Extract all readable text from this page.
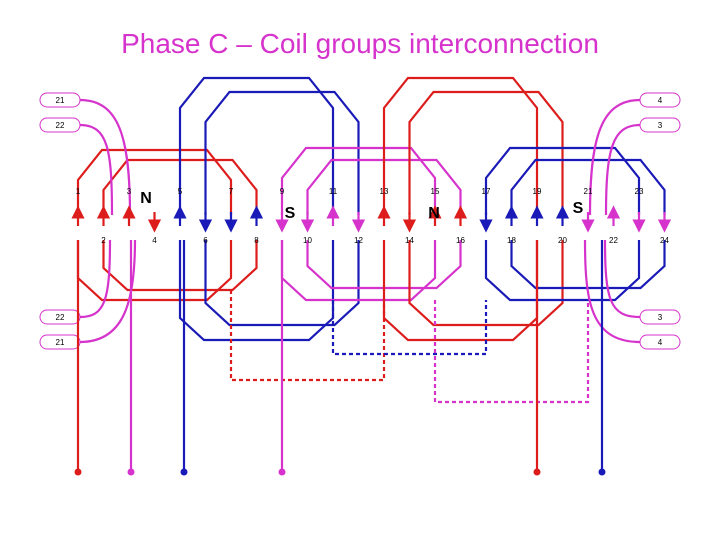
Phase C – Coil groups interconnection
21
22
4
3
22
21
3
4
1	3	5	7	9	11	13	15	17	19	21	23
2	4	6	8	10	12	14	16	18	20	22	24
N
S	N	S
